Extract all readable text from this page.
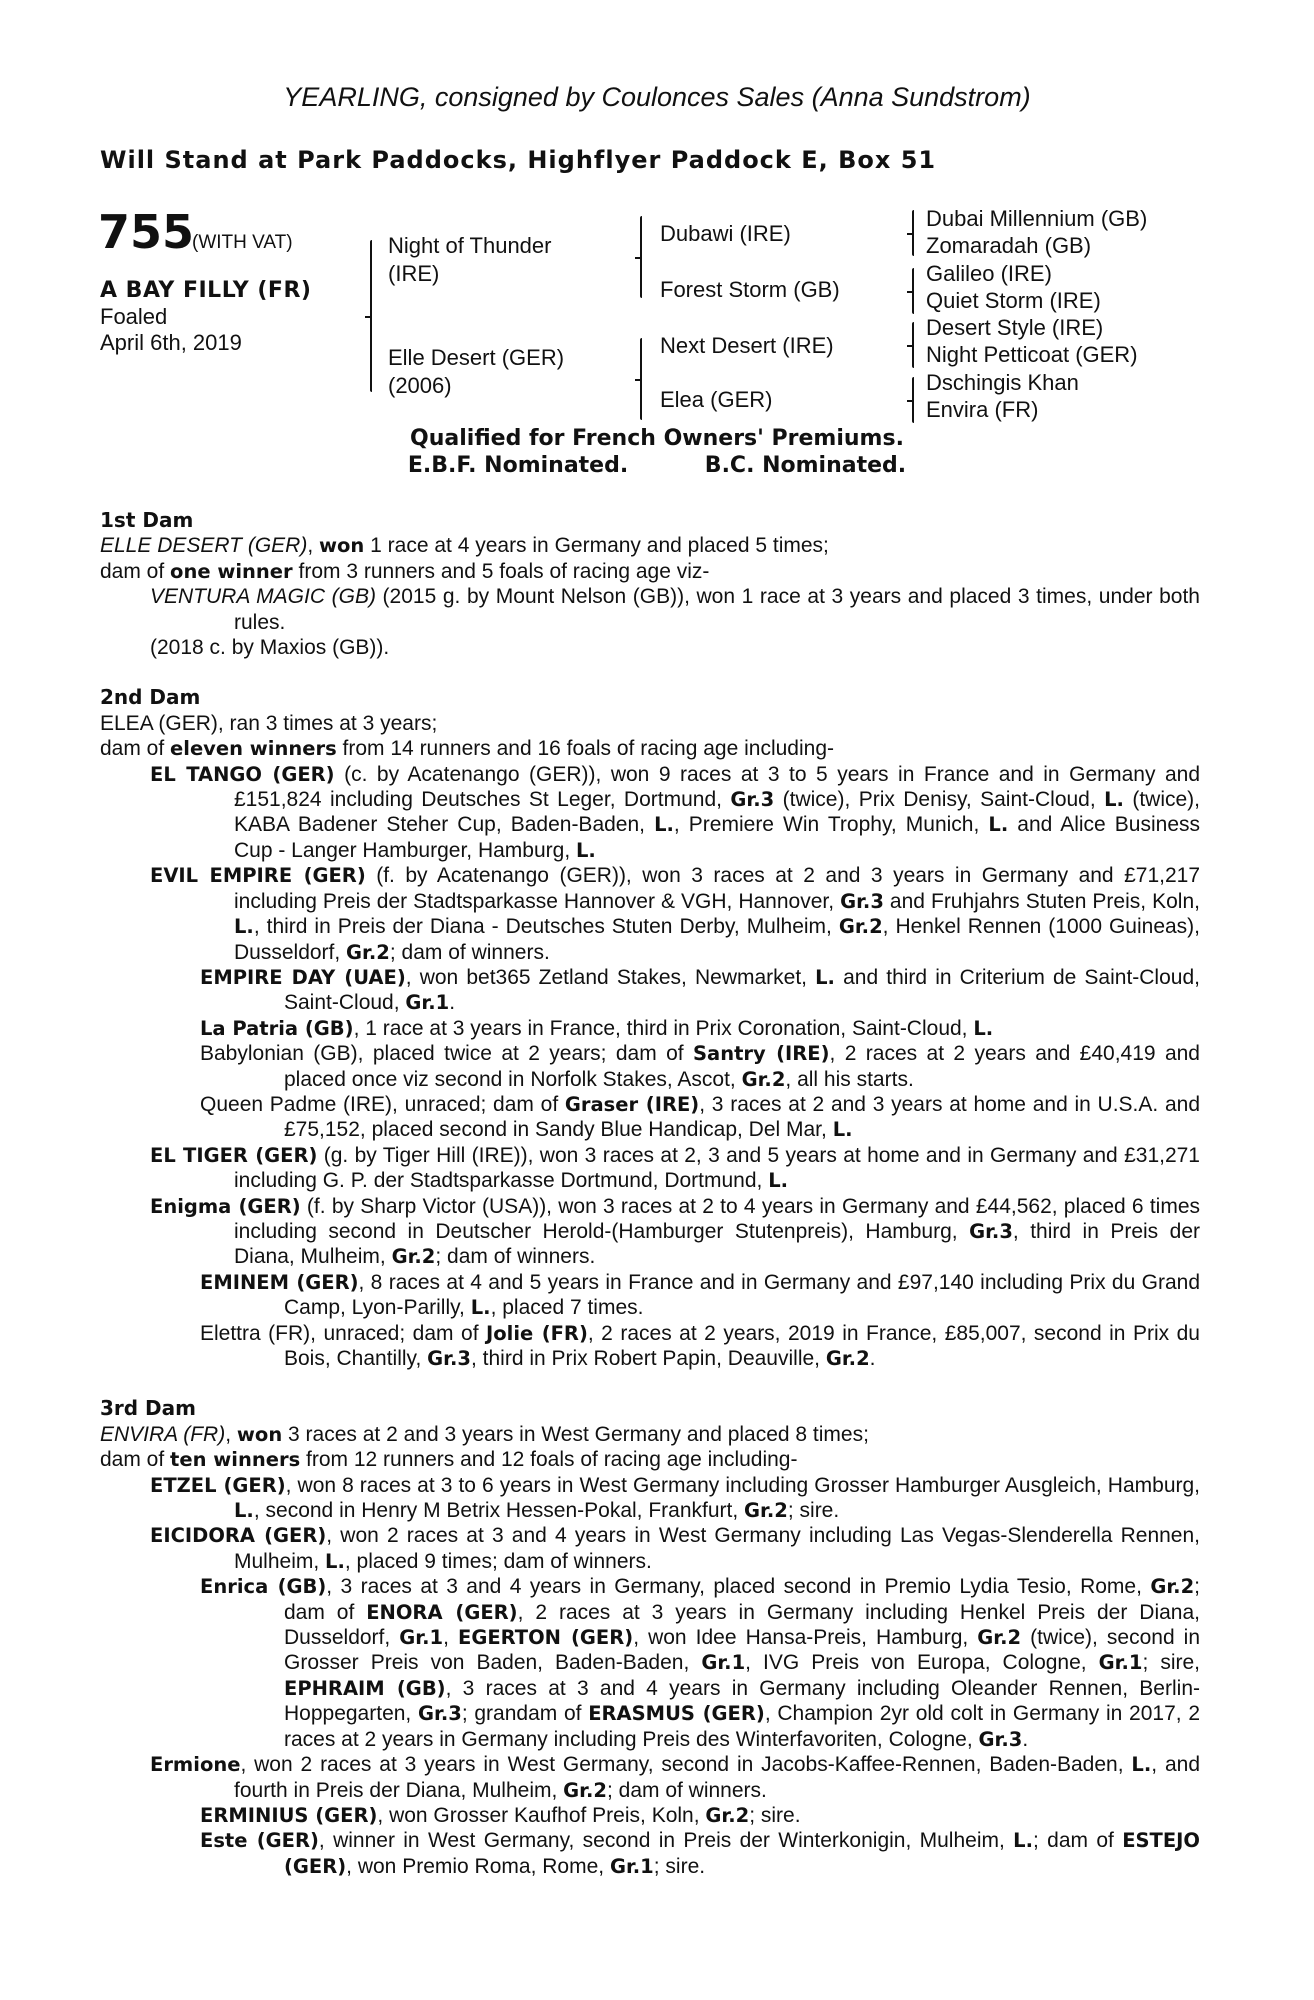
YEARLING, consigned by Coulonces Sales (Anna Sundstrom)
Will Stand at Park Paddocks, Highflyer Paddock E, Box 51
755
(WITH VAT)
A BAY FILLY (FR)
Foaled
April 6th, 2019
Night of Thunder
(IRE)
Elle Desert (GER)
(2006)
Dubawi (IRE)
Forest Storm (GB)
Next Desert (IRE)
Elea (GER)
Dubai Millennium (GB)
Zomaradah (GB)
Galileo (IRE)
Quiet Storm (IRE)
Desert Style (IRE)
Night Petticoat (GER)
Dschingis Khan
Envira (FR)
Qualified for French Owners' Premiums.
E.B.F. Nominated.          B.C. Nominated.
1st Dam
ELLE DESERT (GER), won 1 race at 4 years in Germany and placed 5 times;
dam of one winner from 3 runners and 5 foals of racing age viz-
VENTURA MAGIC (GB) (2015 g. by Mount Nelson (GB)), won 1 race at 3 years and placed 3 times, under both rules.
(2018 c. by Maxios (GB)).
2nd Dam
ELEA (GER), ran 3 times at 3 years;
dam of eleven winners from 14 runners and 16 foals of racing age including-
EL TANGO (GER) (c. by Acatenango (GER)), won 9 races at 3 to 5 years in France and in Germany and £151,824 including Deutsches St Leger, Dortmund, Gr.3 (twice), Prix Denisy, Saint-Cloud, L. (twice), KABA Badener Steher Cup, Baden-Baden, L., Premiere Win Trophy, Munich, L. and Alice Business Cup - Langer Hamburger, Hamburg, L.
EVIL EMPIRE (GER) (f. by Acatenango (GER)), won 3 races at 2 and 3 years in Germany and £71,217 including Preis der Stadtsparkasse Hannover & VGH, Hannover, Gr.3 and Fruhjahrs Stuten Preis, Koln, L., third in Preis der Diana - Deutsches Stuten Derby, Mulheim, Gr.2, Henkel Rennen (1000 Guineas), Dusseldorf, Gr.2; dam of winners.
EMPIRE DAY (UAE), won bet365 Zetland Stakes, Newmarket, L. and third in Criterium de Saint-Cloud, Saint-Cloud, Gr.1.
La Patria (GB), 1 race at 3 years in France, third in Prix Coronation, Saint-Cloud, L.
Babylonian (GB), placed twice at 2 years; dam of Santry (IRE), 2 races at 2 years and £40,419 and placed once viz second in Norfolk Stakes, Ascot, Gr.2, all his starts.
Queen Padme (IRE), unraced; dam of Graser (IRE), 3 races at 2 and 3 years at home and in U.S.A. and £75,152, placed second in Sandy Blue Handicap, Del Mar, L.
EL TIGER (GER) (g. by Tiger Hill (IRE)), won 3 races at 2, 3 and 5 years at home and in Germany and £31,271 including G. P. der Stadtsparkasse Dortmund, Dortmund, L.
Enigma (GER) (f. by Sharp Victor (USA)), won 3 races at 2 to 4 years in Germany and £44,562, placed 6 times including second in Deutscher Herold-(Hamburger Stutenpreis), Hamburg, Gr.3, third in Preis der Diana, Mulheim, Gr.2; dam of winners.
EMINEM (GER), 8 races at 4 and 5 years in France and in Germany and £97,140 including Prix du Grand Camp, Lyon-Parilly, L., placed 7 times.
Elettra (FR), unraced; dam of Jolie (FR), 2 races at 2 years, 2019 in France, £85,007, second in Prix du Bois, Chantilly, Gr.3, third in Prix Robert Papin, Deauville, Gr.2.
3rd Dam
ENVIRA (FR), won 3 races at 2 and 3 years in West Germany and placed 8 times;
dam of ten winners from 12 runners and 12 foals of racing age including-
ETZEL (GER), won 8 races at 3 to 6 years in West Germany including Grosser Hamburger Ausgleich, Hamburg, L., second in Henry M Betrix Hessen-Pokal, Frankfurt, Gr.2; sire.
EICIDORA (GER), won 2 races at 3 and 4 years in West Germany including Las Vegas-Slenderella Rennen, Mulheim, L., placed 9 times; dam of winners.
Enrica (GB), 3 races at 3 and 4 years in Germany, placed second in Premio Lydia Tesio, Rome, Gr.2; dam of ENORA (GER), 2 races at 3 years in Germany including Henkel Preis der Diana, Dusseldorf, Gr.1, EGERTON (GER), won Idee Hansa-Preis, Hamburg, Gr.2 (twice), second in Grosser Preis von Baden, Baden-Baden, Gr.1, IVG Preis von Europa, Cologne, Gr.1; sire, EPHRAIM (GB), 3 races at 3 and 4 years in Germany including Oleander Rennen, Berlin-Hoppegarten, Gr.3; grandam of ERASMUS (GER), Champion 2yr old colt in Germany in 2017, 2 races at 2 years in Germany including Preis des Winterfavoriten, Cologne, Gr.3.
Ermione, won 2 races at 3 years in West Germany, second in Jacobs-Kaffee-Rennen, Baden-Baden, L., and fourth in Preis der Diana, Mulheim, Gr.2; dam of winners.
ERMINIUS (GER), won Grosser Kaufhof Preis, Koln, Gr.2; sire.
Este (GER), winner in West Germany, second in Preis der Winterkonigin, Mulheim, L.; dam of ESTEJO (GER), won Premio Roma, Rome, Gr.1; sire.
